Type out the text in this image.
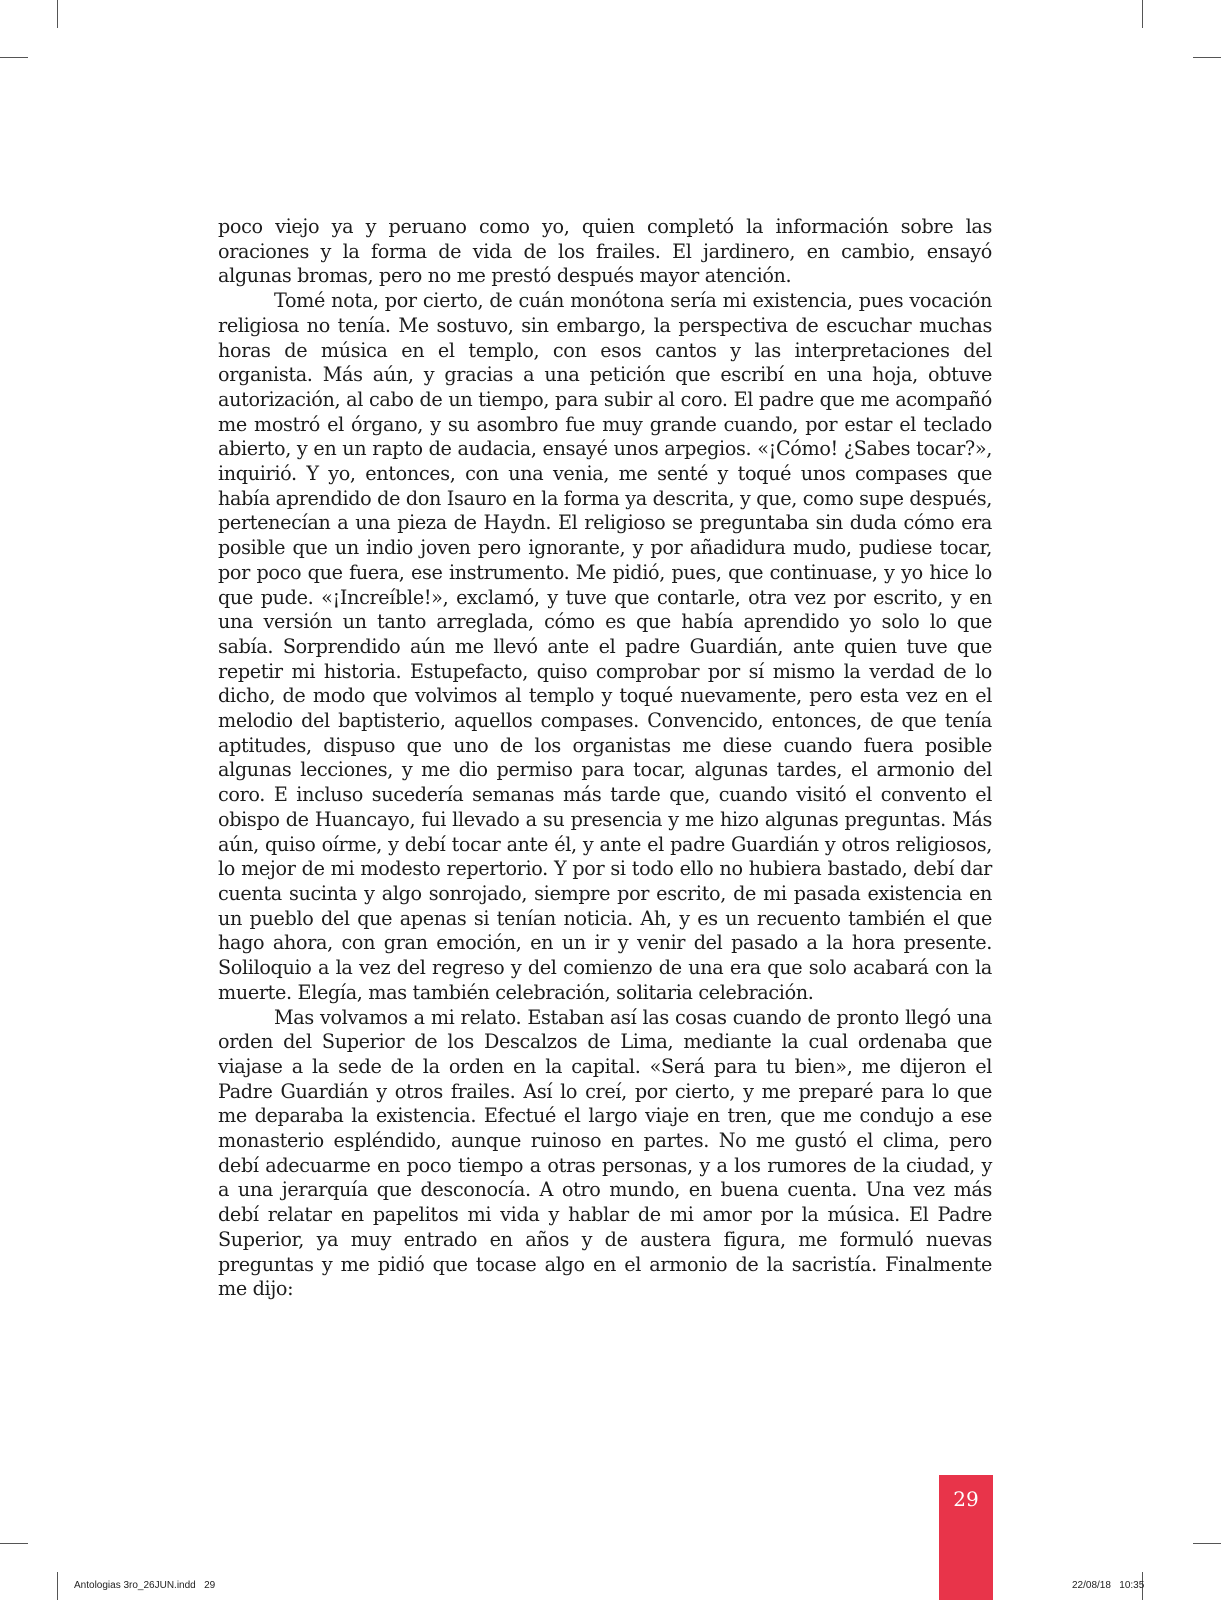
poco viejo ya y peruano como yo, quien completó la información sobre las oraciones y la forma de vida de los frailes. El jardinero, en cambio, ensayó algunas bromas, pero no me prestó después mayor atención.

Tomé nota, por cierto, de cuán monótona sería mi existencia, pues vocación religiosa no tenía. Me sostuvo, sin embargo, la perspectiva de escuchar muchas horas de música en el templo, con esos cantos y las interpretaciones del organista. Más aún, y gracias a una petición que escribí en una hoja, obtuve autorización, al cabo de un tiempo, para subir al coro. El padre que me acompañó me mostró el órgano, y su asombro fue muy grande cuando, por estar el teclado abierto, y en un rapto de audacia, ensayé unos arpegios. «¡Cómo! ¿Sabes tocar?», inquirió. Y yo, entonces, con una venia, me senté y toqué unos compases que había aprendido de don Isauro en la forma ya descrita, y que, como supe después, pertenecían a una pieza de Haydn. El religioso se preguntaba sin duda cómo era posible que un indio joven pero ignorante, y por añadidura mudo, pudiese tocar, por poco que fuera, ese instrumento. Me pidió, pues, que continuase, y yo hice lo que pude. «¡Increíble!», exclamó, y tuve que contarle, otra vez por escrito, y en una versión un tanto arreglada, cómo es que había aprendido yo solo lo que sabía. Sorprendido aún me llevó ante el padre Guardián, ante quien tuve que repetir mi historia. Estupefacto, quiso comprobar por sí mismo la verdad de lo dicho, de modo que volvimos al templo y toqué nuevamente, pero esta vez en el melodio del baptisterio, aquellos compases. Convencido, entonces, de que tenía aptitudes, dispuso que uno de los organistas me diese cuando fuera posible algunas lecciones, y me dio permiso para tocar, algunas tardes, el armonio del coro. E incluso sucedería semanas más tarde que, cuando visitó el convento el obispo de Huancayo, fui llevado a su presencia y me hizo algunas preguntas. Más aún, quiso oírme, y debí tocar ante él, y ante el padre Guardián y otros religiosos, lo mejor de mi modesto repertorio. Y por si todo ello no hubiera bastado, debí dar cuenta sucinta y algo sonrojado, siempre por escrito, de mi pasada existencia en un pueblo del que apenas si tenían noticia. Ah, y es un recuento también el que hago ahora, con gran emoción, en un ir y venir del pasado a la hora presente. Soliloquio a la vez del regreso y del comienzo de una era que solo acabará con la muerte. Elegía, mas también celebración, solitaria celebración.

Mas volvamos a mi relato. Estaban así las cosas cuando de pronto llegó una orden del Superior de los Descalzos de Lima, mediante la cual ordenaba que viajase a la sede de la orden en la capital. «Será para tu bien», me dijeron el Padre Guardián y otros frailes. Así lo creí, por cierto, y me preparé para lo que me deparaba la existencia. Efectué el largo viaje en tren, que me condujo a ese monasterio espléndido, aunque ruinoso en partes. No me gustó el clima, pero debí adecuarme en poco tiempo a otras personas, y a los rumores de la ciudad, y a una jerarquía que desconocía. A otro mundo, en buena cuenta. Una vez más debí relatar en papelitos mi vida y hablar de mi amor por la música. El Padre Superior, ya muy entrado en años y de austera figura, me formuló nuevas preguntas y me pidió que tocase algo en el armonio de la sacristía. Finalmente me dijo:

29
Antologias 3ro_26JUN.indd   29	22/08/18   10:35
